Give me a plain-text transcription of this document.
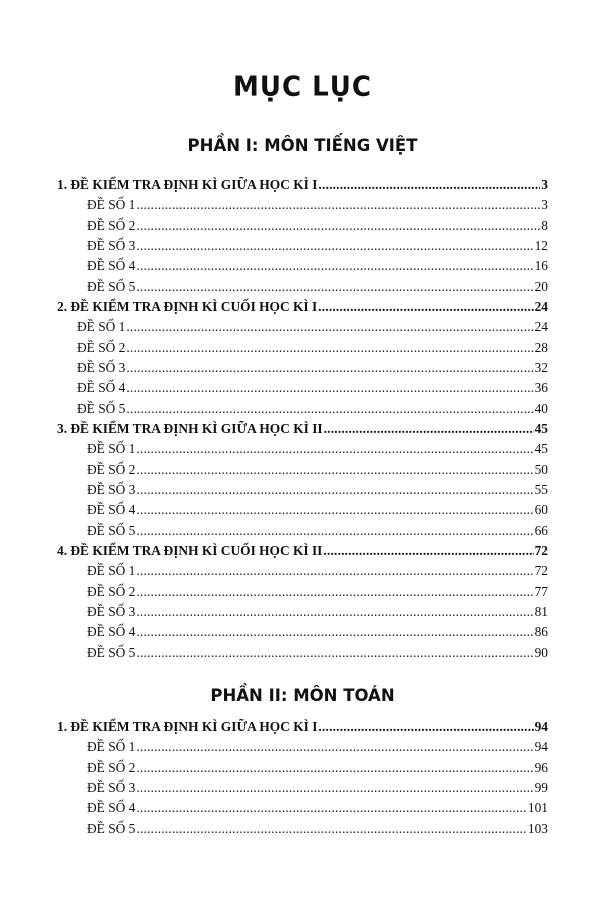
MỤC LỤC
PHẦN I: MÔN TIẾNG VIỆT
1. ĐỀ KIỂM TRA ĐỊNH KÌ GIỮA HỌC KÌ I .....	3
ĐỀ SỐ 1 .....	3
ĐỀ SỐ 2 .....	8
ĐỀ SỐ 3 .....	12
ĐỀ SỐ 4 .....	16
ĐỀ SỐ 5 .....	20
2. ĐỀ KIỂM TRA ĐỊNH KÌ CUỐI HỌC KÌ I .....	24
ĐỀ SỐ 1 .....	24
ĐỀ SỐ 2 .....	28
ĐỀ SỐ 3 .....	32
ĐỀ SỐ 4 .....	36
ĐỀ SỐ 5 .....	40
3. ĐỀ KIỂM TRA ĐỊNH KÌ GIỮA HỌC KÌ II .....	45
ĐỀ SỐ 1 .....	45
ĐỀ SỐ 2 .....	50
ĐỀ SỐ 3 .....	55
ĐỀ SỐ 4 .....	60
ĐỀ SỐ 5 .....	66
4. ĐỀ KIỂM TRA ĐỊNH KÌ CUỐI HỌC KÌ II .....	72
ĐỀ SỐ 1 .....	72
ĐỀ SỐ 2 .....	77
ĐỀ SỐ 3 .....	81
ĐỀ SỐ 4 .....	86
ĐỀ SỐ 5 .....	90
PHẦN II: MÔN TOÁN
1. ĐỀ KIỂM TRA ĐỊNH KÌ GIỮA HỌC KÌ I .....	94
ĐỀ SỐ 1 .....	94
ĐỀ SỐ 2 .....	96
ĐỀ SỐ 3 .....	99
ĐỀ SỐ 4 .....	101
ĐỀ SỐ 5 .....	103
